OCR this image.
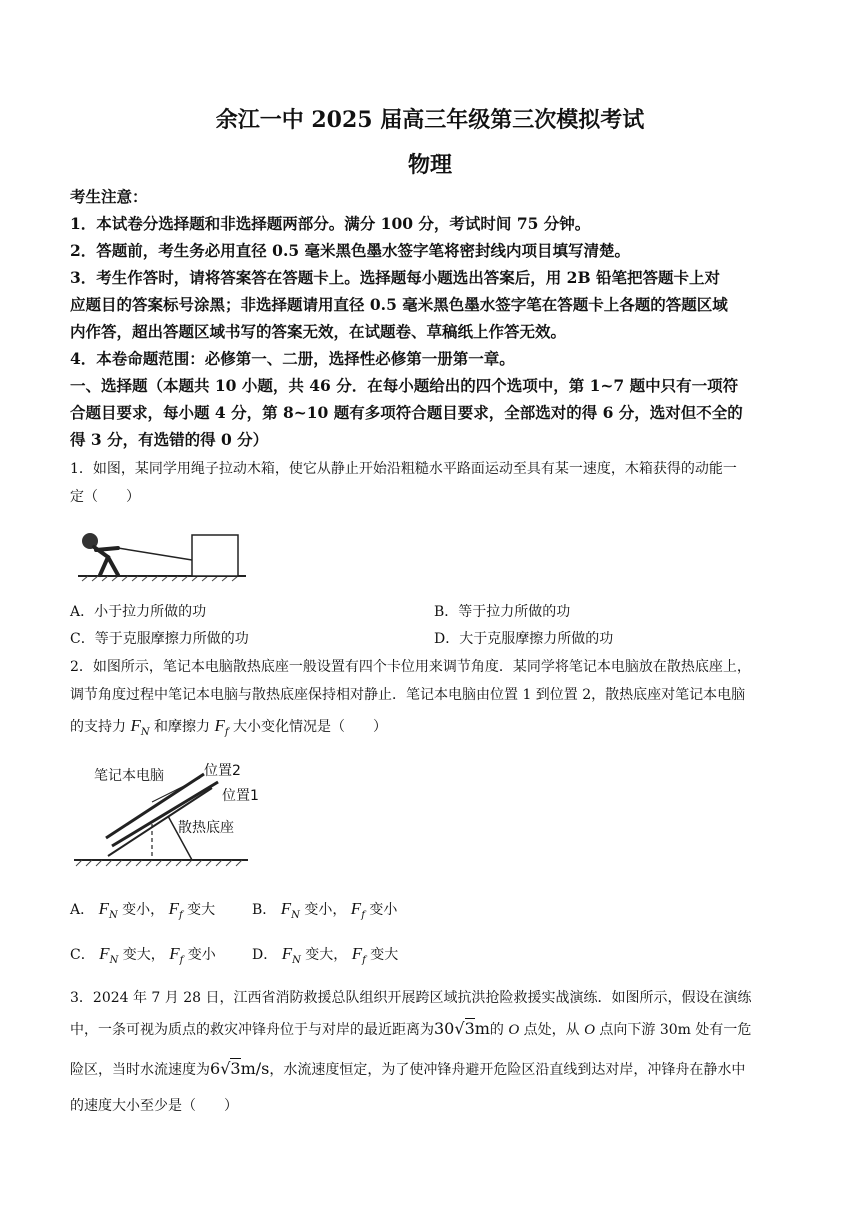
余江一中 2025 届高三年级第三次模拟考试
物理
考生注意：
1．本试卷分选择题和非选择题两部分。满分 100 分，考试时间 75 分钟。
2．答题前，考生务必用直径 0.5 毫米黑色墨水签字笔将密封线内项目填写清楚。
3．考生作答时，请将答案答在答题卡上。选择题每小题选出答案后，用 2B 铅笔把答题卡上对
应题目的答案标号涂黑；非选择题请用直径 0.5 毫米黑色墨水签字笔在答题卡上各题的答题区域
内作答，超出答题区域书写的答案无效，在试题卷、草稿纸上作答无效。
4．本卷命题范围：必修第一、二册，选择性必修第一册第一章。
一、选择题（本题共 10 小题，共 46 分．在每小题给出的四个选项中，第 1~7 题中只有一项符
合题目要求，每小题 4 分，第 8~10 题有多项符合题目要求，全部选对的得 6 分，选对但不全的
得 3 分，有选错的得 0 分）
1．如图，某同学用绳子拉动木箱，使它从静止开始沿粗糙水平路面运动至具有某一速度，木箱获得的动能一
定（　　）
A．小于拉力所做的功	B．等于拉力所做的功
C．等于克服摩擦力所做的功	D．大于克服摩擦力所做的功
2．如图所示，笔记本电脑散热底座一般设置有四个卡位用来调节角度．某同学将笔记本电脑放在散热底座上，
调节角度过程中笔记本电脑与散热底座保持相对静止．笔记本电脑由位置 1 到位置 2，散热底座对笔记本电脑
的支持力 $F_N$ 和摩擦力 $F_f$ 大小变化情况是（　　）
笔记本电脑	位置2
位置1
散热底座
A． $F_N$ 变小， $F_f$ 变大	B． $F_N$ 变小， $F_f$ 变小
C． $F_N$ 变大， $F_f$ 变小	D． $F_N$ 变大， $F_f$ 变大
3．2024 年 7 月 28 日，江西省消防救援总队组织开展跨区域抗洪抢险救援实战演练．如图所示，假设在演练
中，一条可视为质点的救灾冲锋舟位于与对岸的最近距离为30√3m的 O 点处，从 O 点向下游 30m 处有一危
险区，当时水流速度为6√3m/s，水流速度恒定，为了使冲锋舟避开危险区沿直线到达对岸，冲锋舟在静水中
的速度大小至少是（　　）
